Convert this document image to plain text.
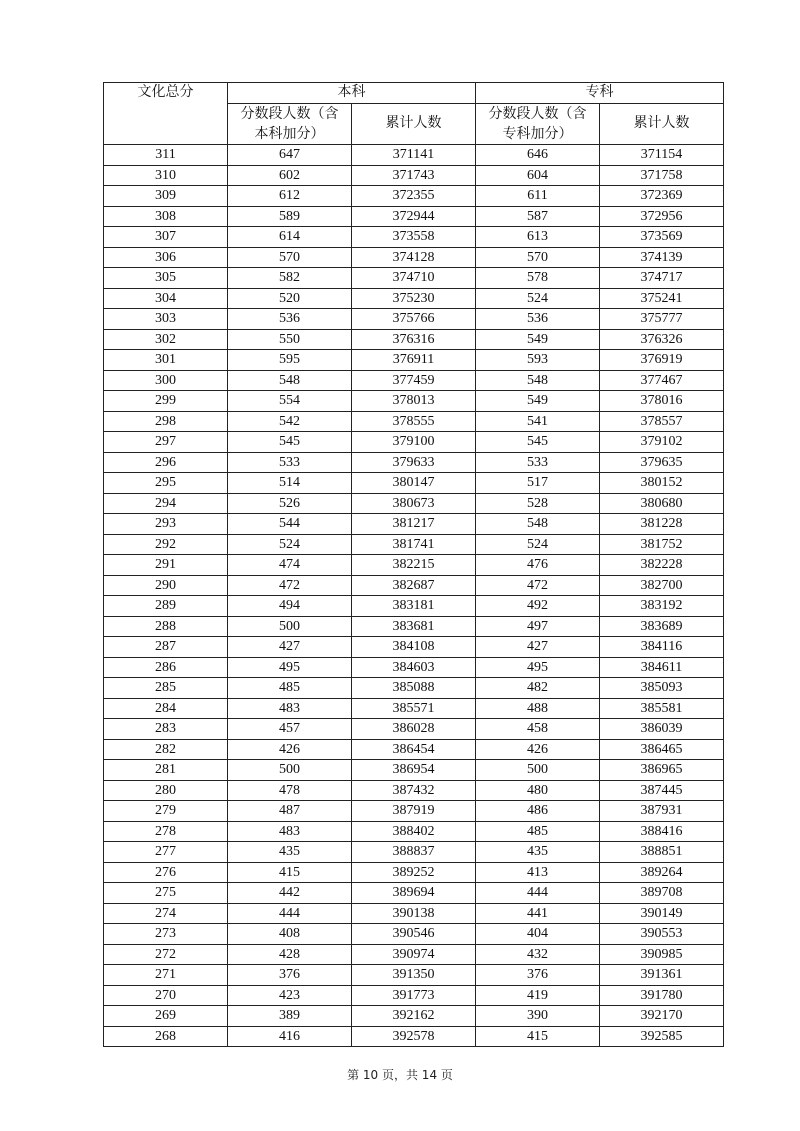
文化总分	本科		专科	
	分数段人数（含本科加分）	累计人数	分数段人数（含专科加分）	累计人数
311	647	371141	646	371154
310	602	371743	604	371758
309	612	372355	611	372369
308	589	372944	587	372956
307	614	373558	613	373569
306	570	374128	570	374139
305	582	374710	578	374717
304	520	375230	524	375241
303	536	375766	536	375777
302	550	376316	549	376326
301	595	376911	593	376919
300	548	377459	548	377467
299	554	378013	549	378016
298	542	378555	541	378557
297	545	379100	545	379102
296	533	379633	533	379635
295	514	380147	517	380152
294	526	380673	528	380680
293	544	381217	548	381228
292	524	381741	524	381752
291	474	382215	476	382228
290	472	382687	472	382700
289	494	383181	492	383192
288	500	383681	497	383689
287	427	384108	427	384116
286	495	384603	495	384611
285	485	385088	482	385093
284	483	385571	488	385581
283	457	386028	458	386039
282	426	386454	426	386465
281	500	386954	500	386965
280	478	387432	480	387445
279	487	387919	486	387931
278	483	388402	485	388416
277	435	388837	435	388851
276	415	389252	413	389264
275	442	389694	444	389708
274	444	390138	441	390149
273	408	390546	404	390553
272	428	390974	432	390985
271	376	391350	376	391361
270	423	391773	419	391780
269	389	392162	390	392170
268	416	392578	415	392585
第 10 页，共 14 页
